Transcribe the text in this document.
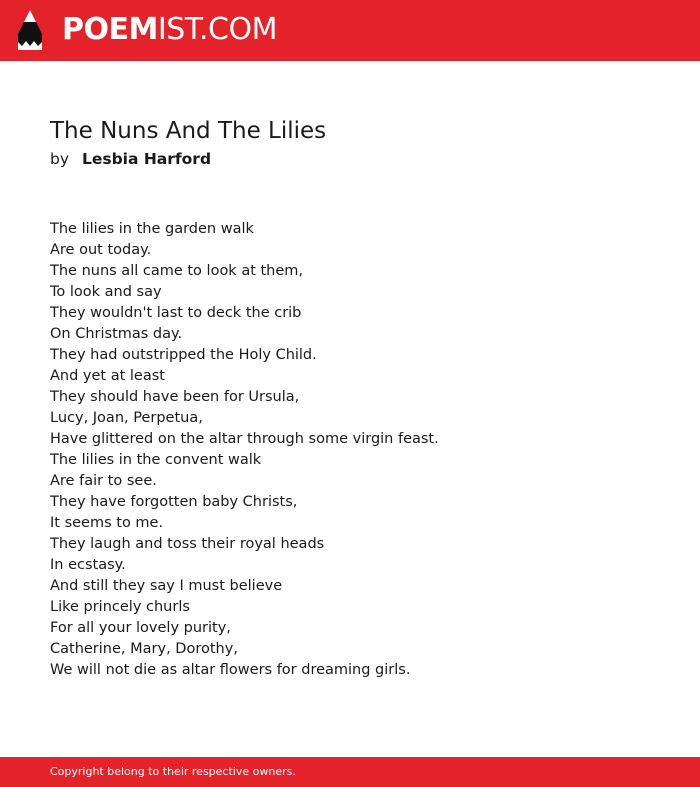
POEMIST.COM
The Nuns And The Lilies
by Lesbia Harford
The lilies in the garden walk
Are out today.
The nuns all came to look at them,
To look and say
They wouldn't last to deck the crib
On Christmas day.
They had outstripped the Holy Child.
And yet at least
They should have been for Ursula,
Lucy, Joan, Perpetua,
Have glittered on the altar through some virgin feast.
The lilies in the convent walk
Are fair to see.
They have forgotten baby Christs,
It seems to me.
They laugh and toss their royal heads
In ecstasy.
And still they say I must believe
Like princely churls
For all your lovely purity,
Catherine, Mary, Dorothy,
We will not die as altar flowers for dreaming girls.
Copyright belong to their respective owners.
